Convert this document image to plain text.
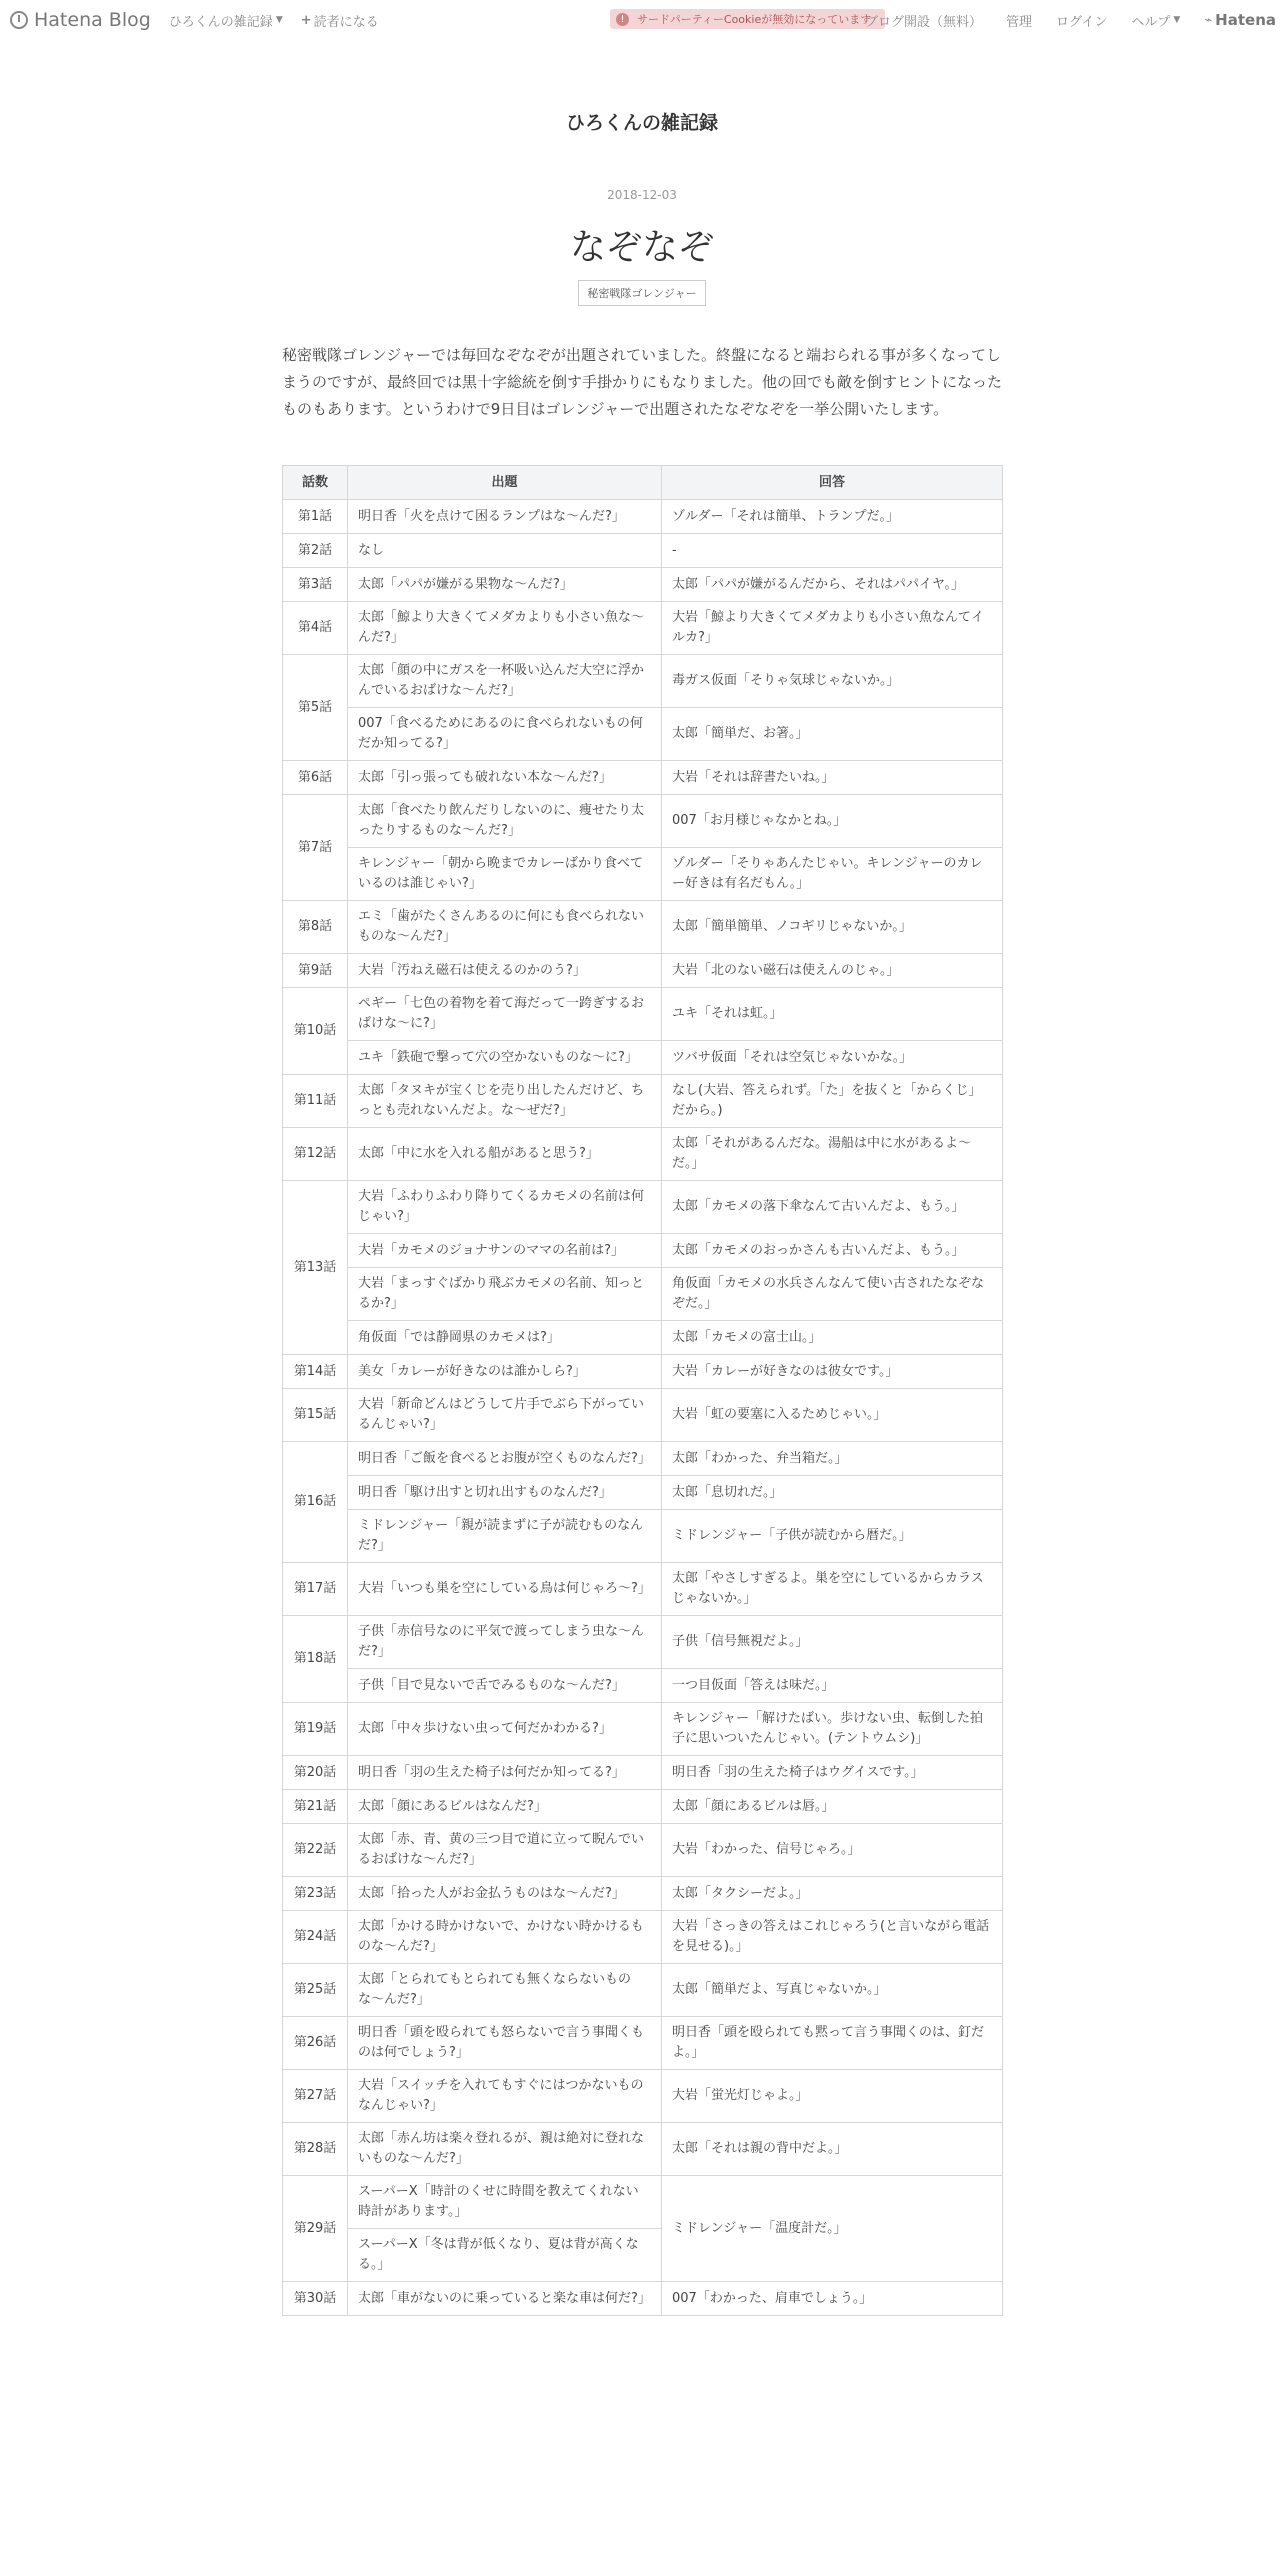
Hatena Blog ひろくんの雑記録 ▼ + 読者になる	!	サードパーティーCookieが無効になっています
ブログ開設（無料） 管理 ログイン ヘルプ ▼ ⌁ Hatena
ひろくんの雑記録
2018-12-03
なぞなぞ
秘密戦隊ゴレンジャー
秘密戦隊ゴレンジャーでは毎回なぞなぞが出題されていました。終盤になると端おられる事が多くなってしまうのですが、最終回では黒十字総統を倒す手掛かりにもなりました。他の回でも敵を倒すヒントになったものもあります。というわけで9日目はゴレンジャーで出題されたなぞなぞを一挙公開いたします。
話数	出題	回答
第1話	明日香「火を点けて困るランプはな〜んだ?」	ゾルダー「それは簡単、トランプだ。」
第2話	なし	-
第3話	太郎「パパが嫌がる果物な〜んだ?」	太郎「パパが嫌がるんだから、それはパパイヤ。」
第4話	太郎「鯨より大きくてメダカよりも小さい魚な〜んだ?」	大岩「鯨より大きくてメダカよりも小さい魚なんてイルカ?」
第5話	太郎「顔の中にガスを一杯吸い込んだ大空に浮かんでいるおばけな〜んだ?」	毒ガス仮面「そりゃ気球じゃないか。」
	007「食べるためにあるのに食べられないもの何だか知ってる?」	太郎「簡単だ、お箸。」
第6話	太郎「引っ張っても破れない本な〜んだ?」	大岩「それは辞書たいね。」
第7話	太郎「食べたり飲んだりしないのに、痩せたり太ったりするものな〜んだ?」	007「お月様じゃなかとね。」
	キレンジャー「朝から晩までカレーばかり食べているのは誰じゃい?」	ゾルダー「そりゃあんたじゃい。キレンジャーのカレー好きは有名だもん。」
第8話	エミ「歯がたくさんあるのに何にも食べられないものな〜んだ?」	太郎「簡単簡単、ノコギリじゃないか。」
第9話	大岩「汚ねえ磁石は使えるのかのう?」	大岩「北のない磁石は使えんのじゃ。」
第10話	ペギー「七色の着物を着て海だって一跨ぎするおばけな〜に?」	ユキ「それは虹。」
	ユキ「鉄砲で撃って穴の空かないものな〜に?」	ツバサ仮面「それは空気じゃないかな。」
第11話	太郎「タヌキが宝くじを売り出したんだけど、ちっとも売れないんだよ。な〜ぜだ?」	なし(大岩、答えられず。「た」を抜くと「からくじ」だから。)
第12話	太郎「中に水を入れる船があると思う?」	太郎「それがあるんだな。湯船は中に水があるよ〜だ。」
第13話	大岩「ふわりふわり降りてくるカモメの名前は何じゃい?」	太郎「カモメの落下傘なんて古いんだよ、もう。」
	大岩「カモメのジョナサンのママの名前は?」	太郎「カモメのおっかさんも古いんだよ、もう。」
	大岩「まっすぐばかり飛ぶカモメの名前、知っとるか?」	角仮面「カモメの水兵さんなんて使い古されたなぞなぞだ。」
	角仮面「では静岡県のカモメは?」	太郎「カモメの富士山。」
第14話	美女「カレーが好きなのは誰かしら?」	大岩「カレーが好きなのは彼女です。」
第15話	大岩「新命どんはどうして片手でぶら下がっているんじゃい?」	大岩「虹の要塞に入るためじゃい。」
第16話	明日香「ご飯を食べるとお腹が空くものなんだ?」	太郎「わかった、弁当箱だ。」
	明日香「駆け出すと切れ出すものなんだ?」	太郎「息切れだ。」
	ミドレンジャー「親が読まずに子が読むものなんだ?」	ミドレンジャー「子供が読むから暦だ。」
第17話	大岩「いつも巣を空にしている鳥は何じゃろ〜?」	太郎「やさしすぎるよ。巣を空にしているからカラスじゃないか。」
第18話	子供「赤信号なのに平気で渡ってしまう虫な〜んだ?」	子供「信号無視だよ。」
	子供「目で見ないで舌でみるものな〜んだ?」	一つ目仮面「答えは味だ。」
第19話	太郎「中々歩けない虫って何だかわかる?」	キレンジャー「解けたばい。歩けない虫、転倒した拍子に思いついたんじゃい。(テントウムシ)」
第20話	明日香「羽の生えた椅子は何だか知ってる?」	明日香「羽の生えた椅子はウグイスです。」
第21話	太郎「顔にあるビルはなんだ?」	太郎「顔にあるビルは唇。」
第22話	太郎「赤、青、黄の三つ目で道に立って睨んでいるおばけな〜んだ?」	大岩「わかった、信号じゃろ。」
第23話	太郎「拾った人がお金払うものはな〜んだ?」	太郎「タクシーだよ。」
第24話	太郎「かける時かけないで、かけない時かけるものな〜んだ?」	大岩「さっきの答えはこれじゃろう(と言いながら電話を見せる)。」
第25話	太郎「とられてもとられても無くならないものな〜んだ?」	太郎「簡単だよ、写真じゃないか。」
第26話	明日香「頭を殴られても怒らないで言う事聞くものは何でしょう?」	明日香「頭を殴られても黙って言う事聞くのは、釘だよ。」
第27話	大岩「スイッチを入れてもすぐにはつかないものなんじゃい?」	大岩「蛍光灯じゃよ。」
第28話	太郎「赤ん坊は楽々登れるが、親は絶対に登れないものな〜んだ?」	太郎「それは親の背中だよ。」
第29話	スーパーX「時計のくせに時間を教えてくれない時計があります。」	ミドレンジャー「温度計だ。」
	スーパーX「冬は背が低くなり、夏は背が高くなる。」	
第30話	太郎「車がないのに乗っていると楽な車は何だ?」	007「わかった、肩車でしょう。」
